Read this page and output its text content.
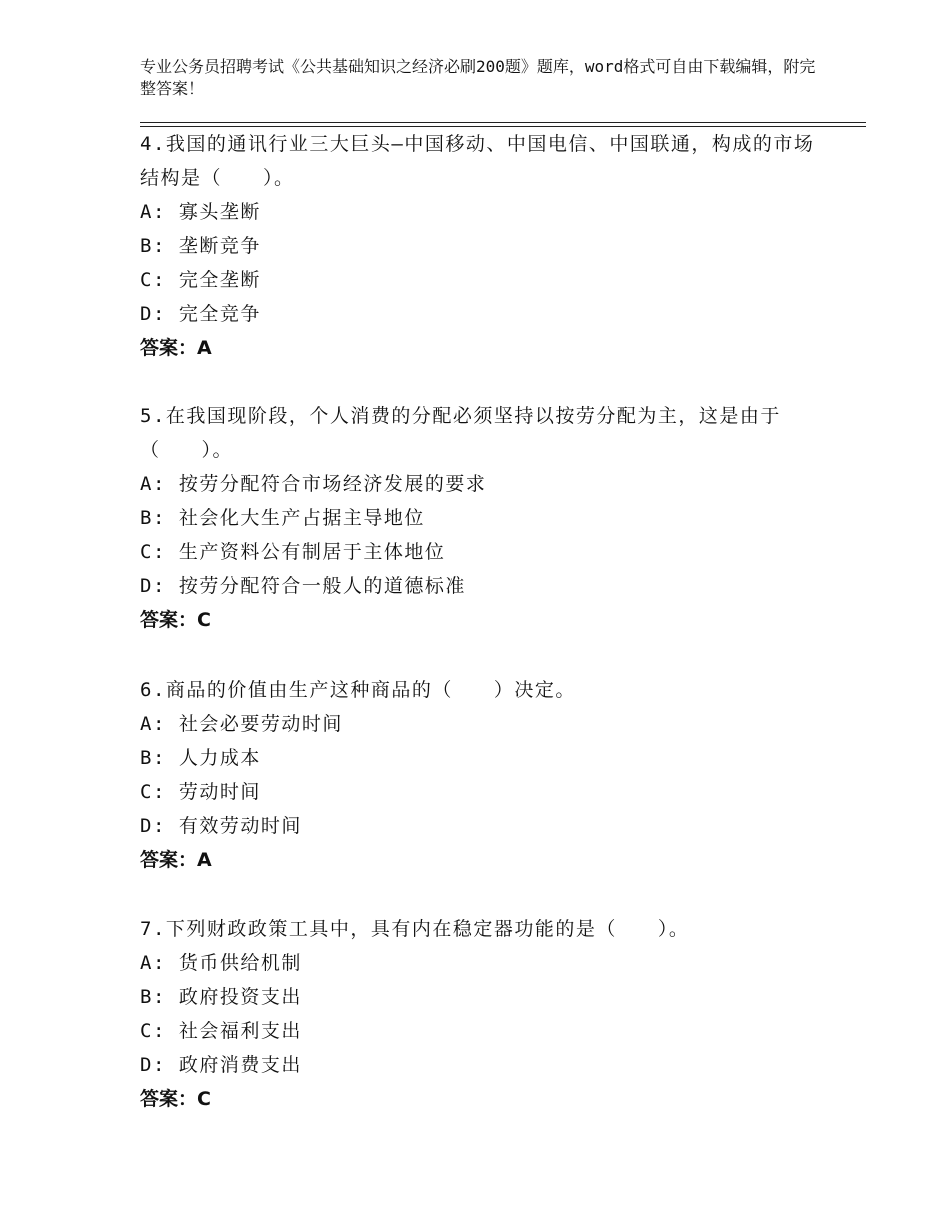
专业公务员招聘考试《公共基础知识之经济必刷200题》题库，word格式可自由下载编辑，附完整答案！

4.我国的通讯行业三大巨头—中国移动、中国电信、中国联通，构成的市场结构是（　　）。

A: 寡头垄断

B: 垄断竞争

C: 完全垄断

D: 完全竞争

答案：A

5.在我国现阶段，个人消费的分配必须坚持以按劳分配为主，这是由于（　　）。

A: 按劳分配符合市场经济发展的要求

B: 社会化大生产占据主导地位

C: 生产资料公有制居于主体地位

D: 按劳分配符合一般人的道德标准

答案：C

6.商品的价值由生产这种商品的（　　）决定。

A: 社会必要劳动时间

B: 人力成本

C: 劳动时间

D: 有效劳动时间

答案：A

7.下列财政政策工具中，具有内在稳定器功能的是（　　）。

A: 货币供给机制

B: 政府投资支出

C: 社会福利支出

D: 政府消费支出

答案：C
